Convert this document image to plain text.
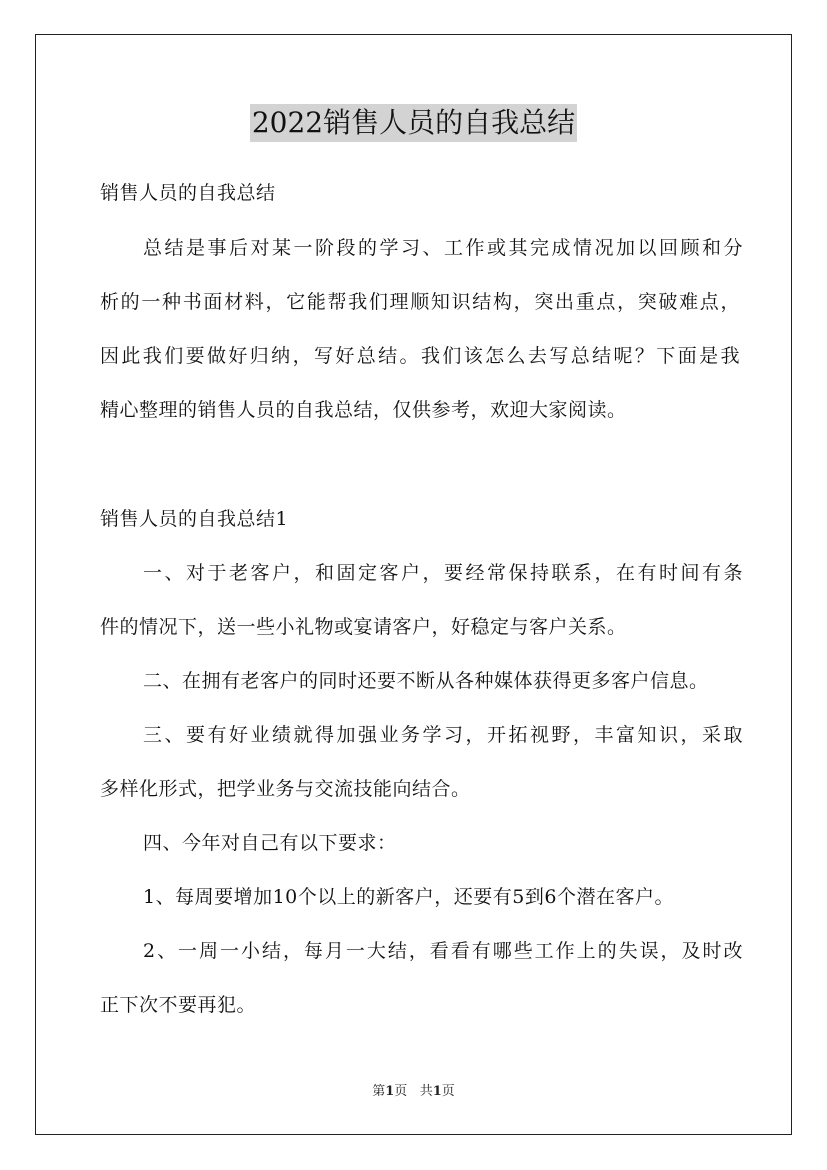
2022销售人员的自我总结
销售人员的自我总结
总结是事后对某一阶段的学习、工作或其完成情况加以回顾和分
析的一种书面材料，它能帮我们理顺知识结构，突出重点，突破难点，
因此我们要做好归纳，写好总结。我们该怎么去写总结呢？下面是我
精心整理的销售人员的自我总结，仅供参考，欢迎大家阅读。
销售人员的自我总结1
一、对于老客户，和固定客户，要经常保持联系，在有时间有条
件的情况下，送一些小礼物或宴请客户，好稳定与客户关系。
二、在拥有老客户的同时还要不断从各种媒体获得更多客户信息。
三、要有好业绩就得加强业务学习，开拓视野，丰富知识，采取
多样化形式，把学业务与交流技能向结合。
四、今年对自己有以下要求：
1、每周要增加10个以上的新客户，还要有5到6个潜在客户。
2、一周一小结，每月一大结，看看有哪些工作上的失误，及时改
正下次不要再犯。
第1页 共1页
